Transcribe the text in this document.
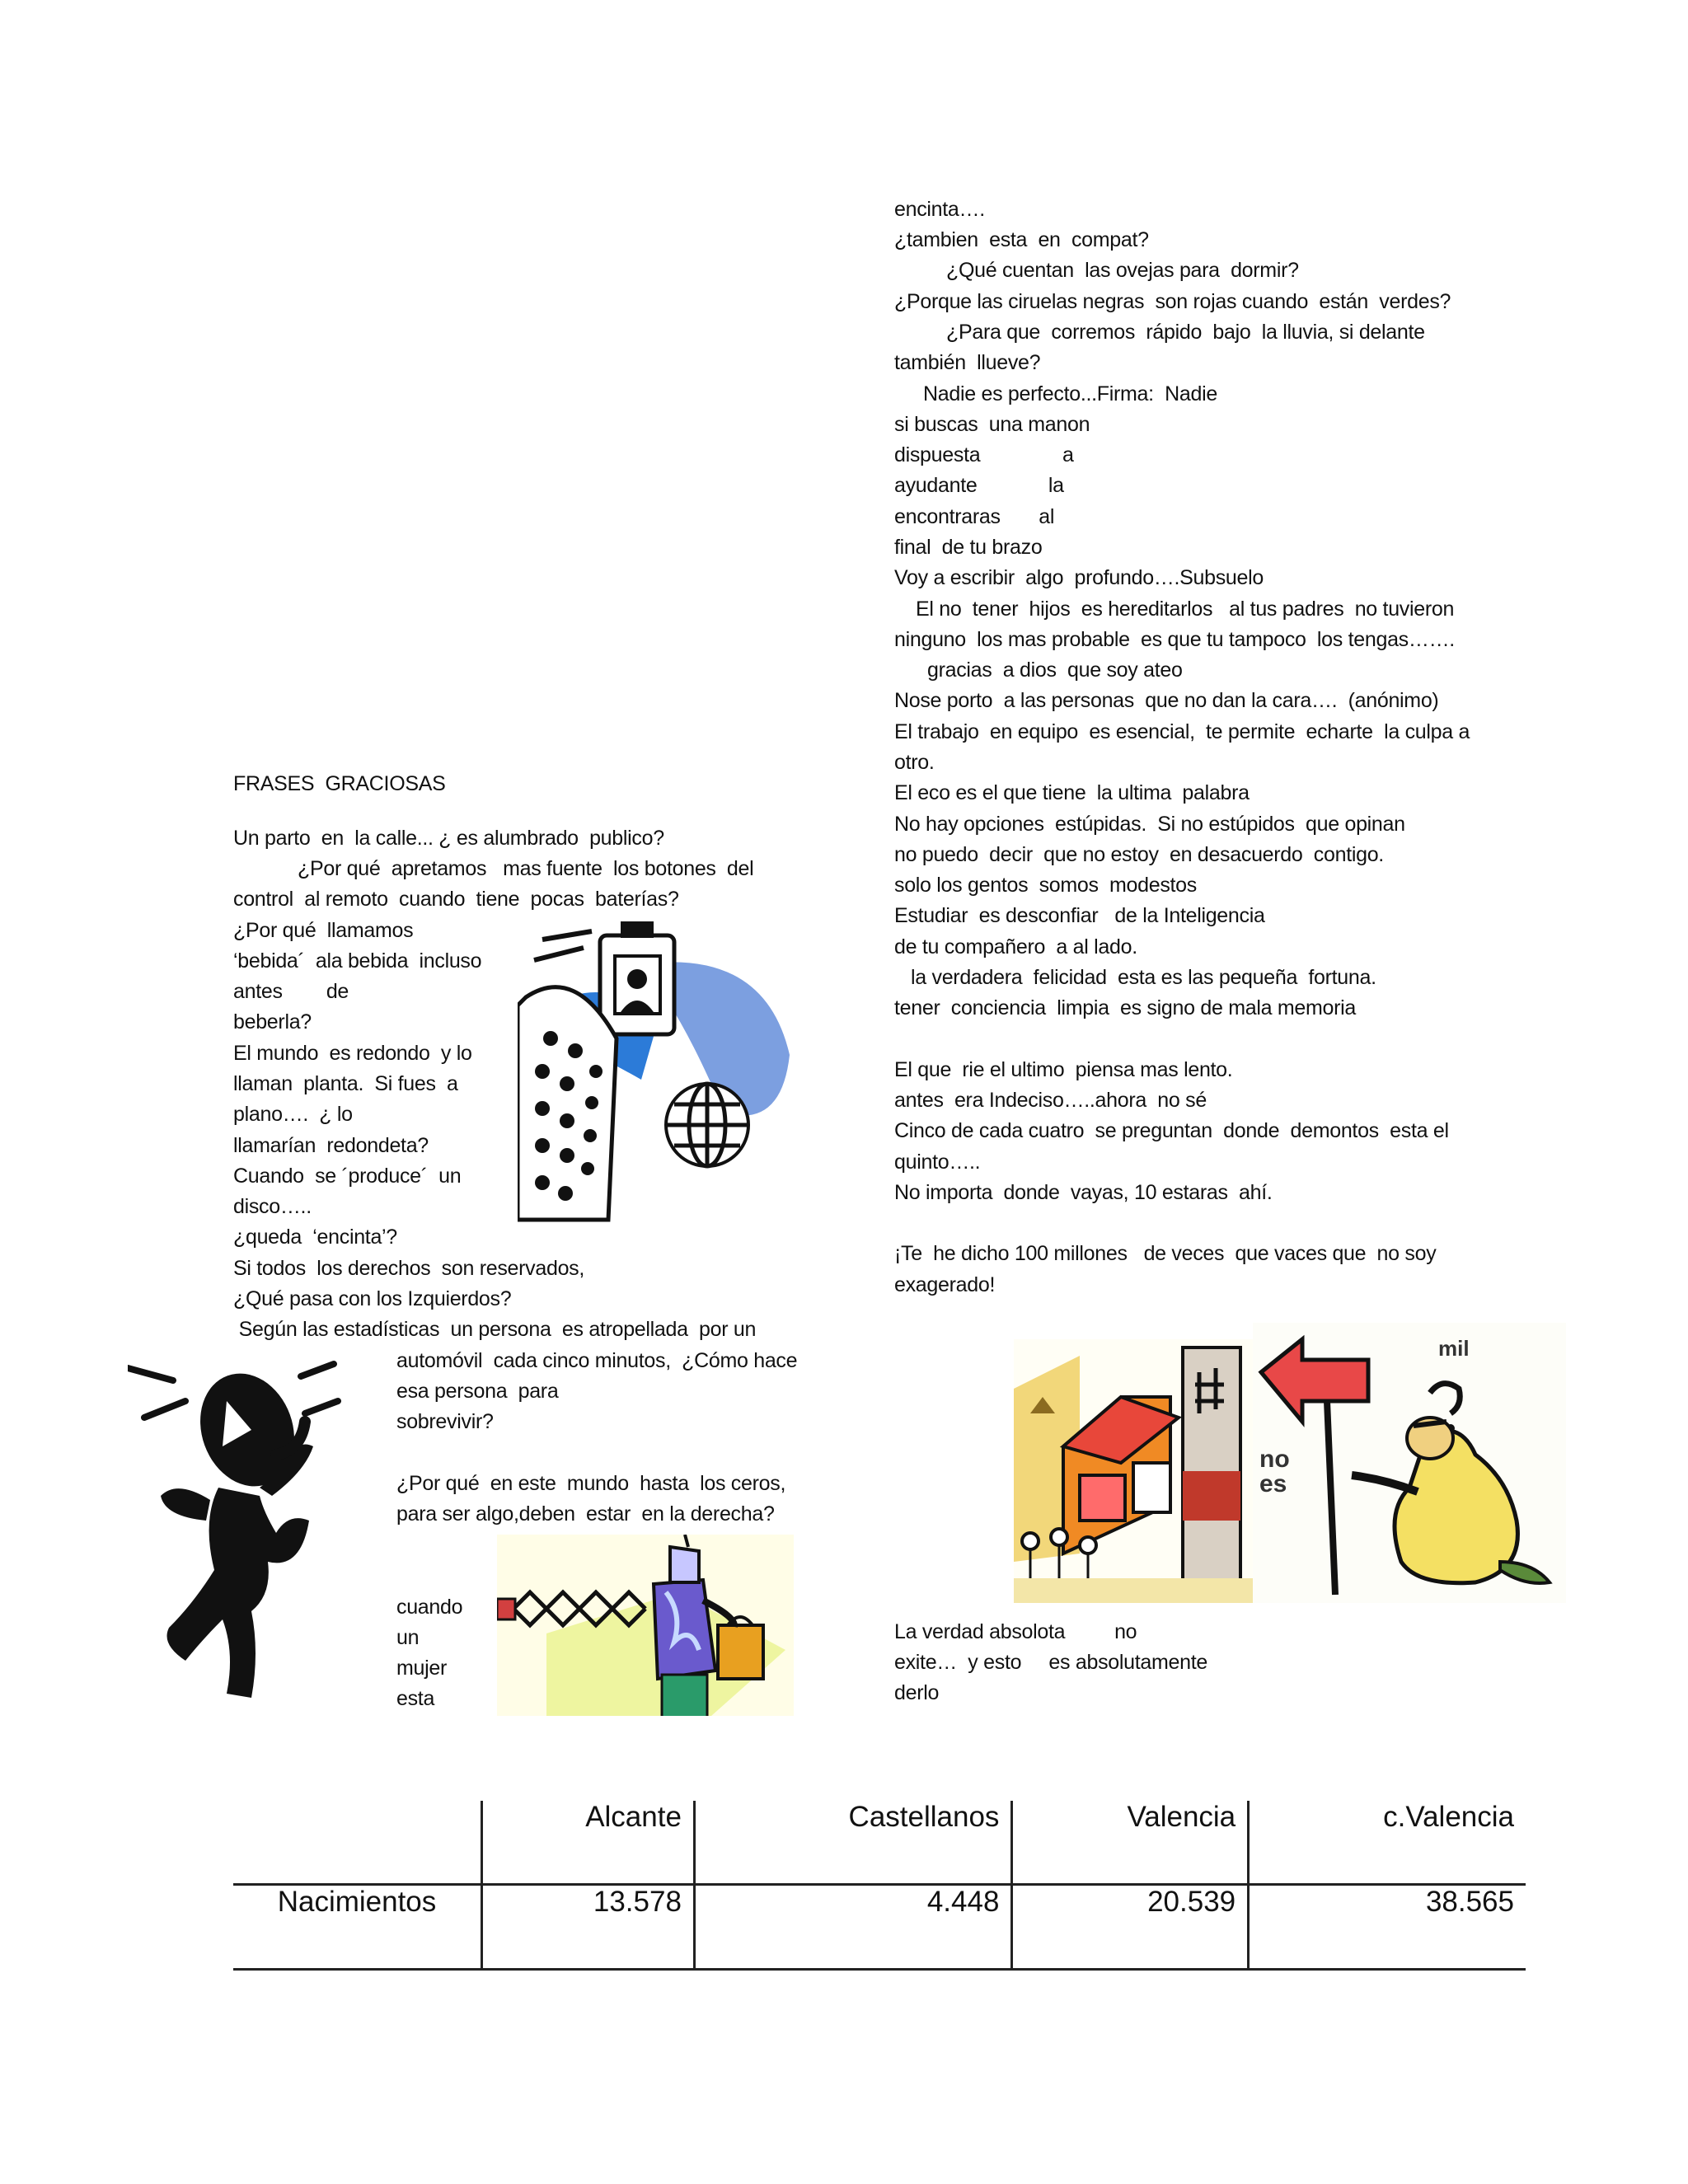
FRASES  GRACIOSAS
Un parto  en  la calle... ¿ es alumbrado  publico?
¿Por qué  apretamos   mas fuente  los botones  del
control  al remoto  cuando  tiene  pocas  baterías?
¿Por qué  llamamos
‘bebida´  ala bebida  incluso
antes        de
beberla?
El mundo  es redondo  y lo
llaman  planta.  Si fues  a
plano….  ¿ lo
llamarían  redondeta?
Cuando  se ´produce´  un
disco…..
¿queda  ‘encinta’?
Si todos  los derechos  son reservados,
¿Qué pasa con los Izquierdos?
Según las estadísticas  un persona  es atropellada  por un
automóvil  cada cinco minutos,  ¿Cómo hace
esa persona  para
sobrevivir?
¿Por qué  en este  mundo  hasta  los ceros,
para ser algo,deben  estar  en la derecha?
cuando
un
mujer
esta
encinta….
¿tambien  esta  en  compat?
¿Qué cuentan  las ovejas para  dormir?
¿Porque las ciruelas negras  son rojas cuando  están  verdes?
¿Para que  corremos  rápido  bajo  la lluvia, si delante
también  llueve?
Nadie es perfecto...Firma:  Nadie
si buscas  una manon
dispuesta               a
ayudante             la
encontraras       al
final  de tu brazo
Voy a escribir  algo  profundo….Subsuelo
El no  tener  hijos  es hereditarlos   al tus padres  no tuvieron
ninguno  los mas probable  es que tu tampoco  los tengas…….
gracias  a dios  que soy ateo
Nose porto  a las personas  que no dan la cara….  (anónimo)
El trabajo  en equipo  es esencial,  te permite  echarte  la culpa a
otro.
El eco es el que tiene  la ultima  palabra
No hay opciones  estúpidas.  Si no estúpidos  que opinan
no puedo  decir  que no estoy  en desacuerdo  contigo.
solo los gentos  somos  modestos
Estudiar  es desconfiar   de la Inteligencia
de tu compañero  a al lado.
la verdadera  felicidad  esta es las pequeña  fortuna.
tener  conciencia  limpia  es signo de mala memoria
El que  rie el ultimo  piensa mas lento.
antes  era Indeciso…..ahora  no sé
Cinco de cada cuatro  se preguntan  donde  demontos  esta el
quinto…..
No importa  donde  vayas, 10 estaras  ahí.
¡Te  he dicho 100 millones   de veces  que vaces que  no soy
exagerado!
La verdad absolota         no
exite…  y esto     es absolutamente
derlo
no
es
mil
	Alcante	Castellanos	Valencia	c.Valencia
Nacimientos	13.578	4.448	20.539	38.565
